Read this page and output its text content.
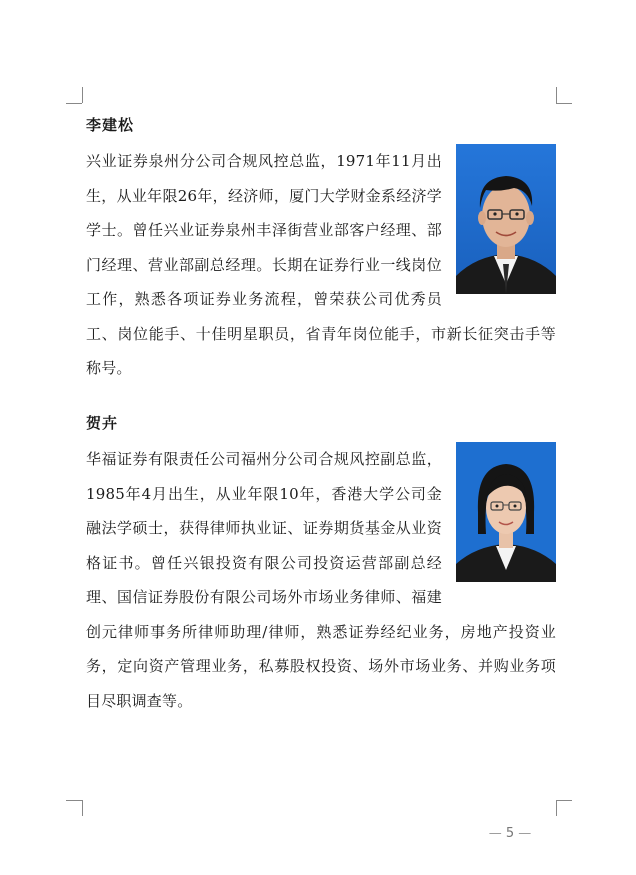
李建松

兴业证券泉州分公司合规风控总监，1971年11月出生，从业年限26年，经济师，厦门大学财金系经济学学士。曾任兴业证券泉州丰泽街营业部客户经理、部门经理、营业部副总经理。长期在证券行业一线岗位工作，熟悉各项证券业务流程，曾荣获公司优秀员工、岗位能手、十佳明星职员，省青年岗位能手，市新长征突击手等称号。

贺卉

华福证券有限责任公司福州分公司合规风控副总监，1985年4月出生，从业年限10年，香港大学公司金融法学硕士，获得律师执业证、证券期货基金从业资格证书。曾任兴银投资有限公司投资运营部副总经理、国信证券股份有限公司场外市场业务律师、福建创元律师事务所律师助理/律师，熟悉证券经纪业务，房地产投资业务，定向资产管理业务，私募股权投资、场外市场业务、并购业务项目尽职调查等。

— 5 —
